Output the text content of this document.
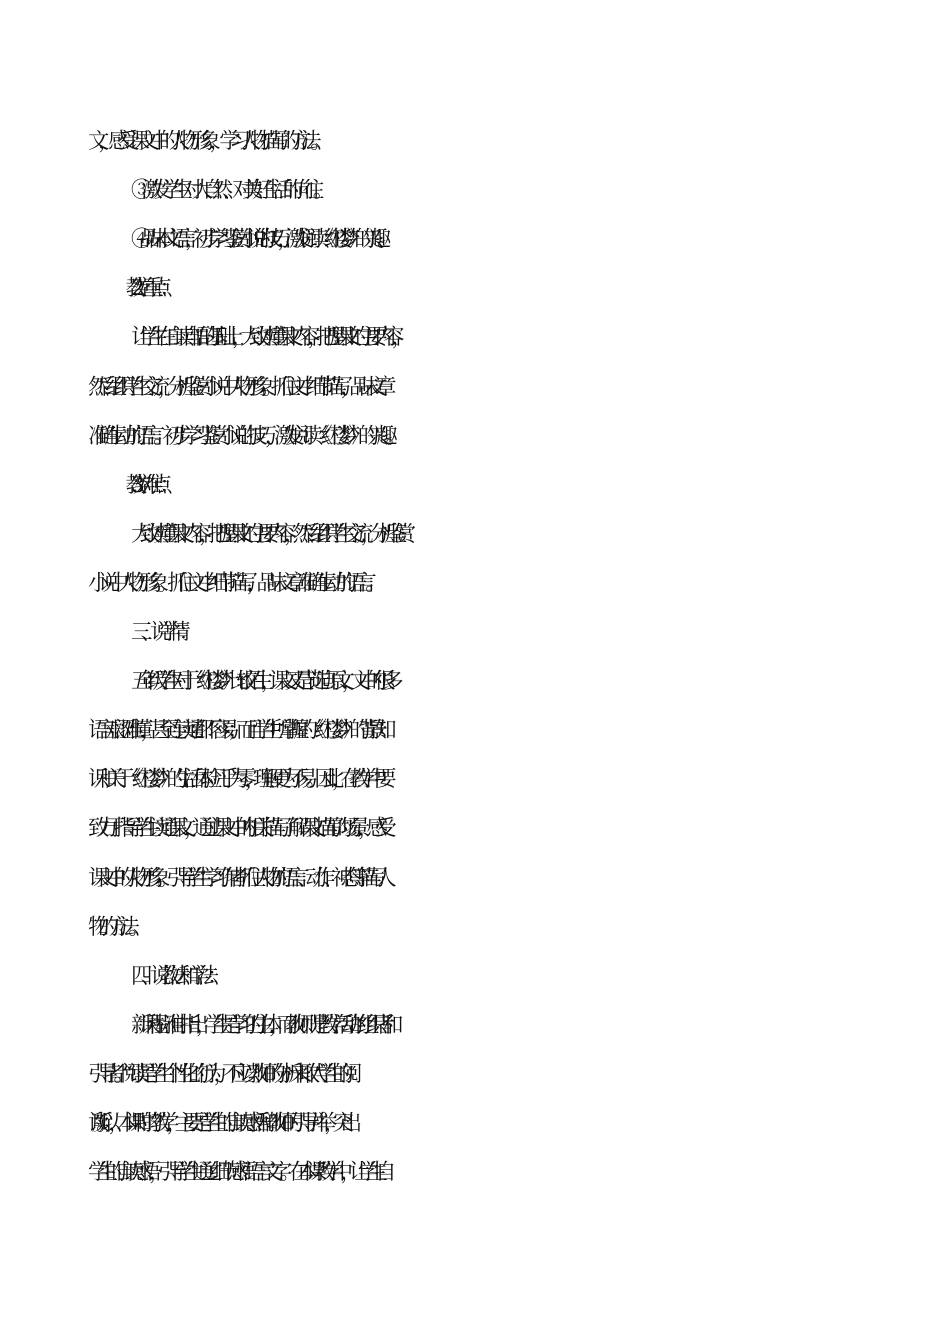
文，感受课文中的人物形象，学习人物描写的方法。
③激发学生对大自然、对美好生活的向往。
④品味本文语言，初步学习鉴赏小说的技巧，激发阅读《红楼梦》的兴趣。
2.教学重点：
让学生在自读自悟的基础上，大致读懂课文内容，把握课文的主要内容，
然后组织学生交流，分析鉴赏小说中人物形象。抓住文中细节描写，品味文章
准确生动的语言。初步学习鉴赏小说的技巧，激发阅读《红楼梦》的兴趣。
3.教学难点：
大致读懂课文内容，把握课文的主要内容，然后组织学生交流，分析鉴赏
小说中人物形象。抓住文中细节描写，品味文章准确生动的语言。
三、说学情：
五年级学生对于《红楼梦》比较陌生，课文又是节选自原文，文中的很多
语言艰涩难懂，甚至连读通都不容易；而且学生所掌握的《红楼梦》的背景知
识和关于《红楼梦》的生活体验几乎为零，理解更为不易。因此，在教学中要
致力于指导学生读通课文，通过课文中的相关描写了解课文描写的场景，感受
课文中的人物形象。引导学生学习作者抓住人物的语言、动作、神态等描写人
物的方法。
四、说教法和学法：
新课程标准中指出，学生是学习的主体，而教师则是教学活动的组织者和
引导者。“阅读是学生个性化的行为，不应以教师的分析来取代学生的阅
读。”所以，本课时的教学，主要是学生的自读感悟和教师的引导并举，突出
学生的自读感悟，引导学生通过细节感悟语言文字。在本课教学中，让学生自
